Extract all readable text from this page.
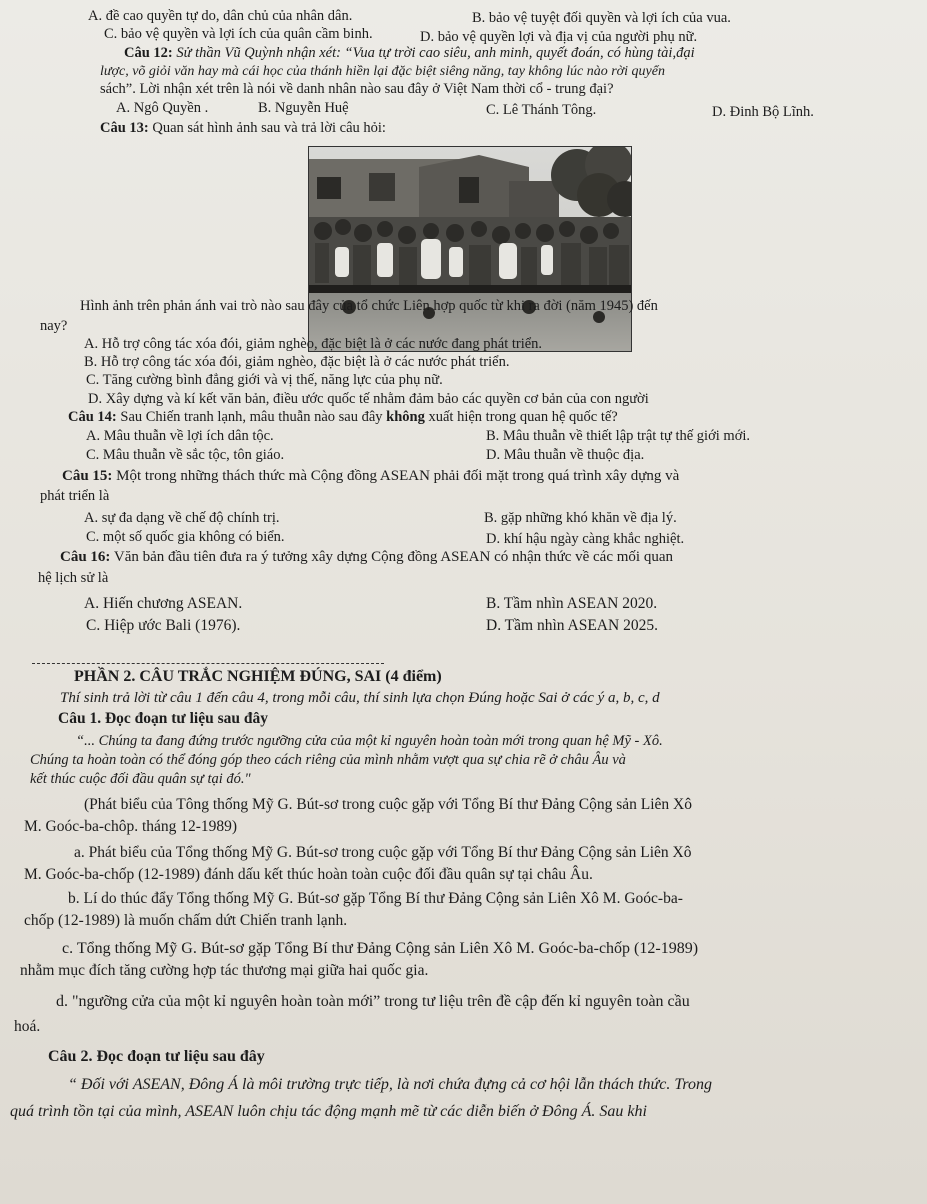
A. đề cao quyền tự do, dân chủ của nhân dân.	B. bảo vệ tuyệt đối quyền và lợi ích của vua.
C. bảo vệ quyền và lợi ích của quân cầm binh.	D. bảo vệ quyền lợi và địa vị của người phụ nữ.
Câu 12: Sử thần Vũ Quỳnh nhận xét: “Vua tự trời cao siêu, anh minh, quyết đoán, có hùng tài,đại
lược, võ giỏi văn hay mà cái học của thánh hiền lại đặc biệt siêng năng, tay không lúc nào rời quyển
sách”. Lời nhận xét trên là nói về danh nhân nào sau đây ở Việt Nam thời cổ - trung đại?
A. Ngô Quyền .	B. Nguyễn Huệ	C. Lê Thánh Tông.	D. Đinh Bộ Lĩnh.
Câu 13: Quan sát hình ảnh sau và trả lời câu hỏi:
Hình ảnh trên phản ánh vai trò nào sau đây của tổ chức Liên hợp quốc từ khi ra đời (năm 1945) đến
nay?
A. Hỗ trợ công tác xóa đói, giảm nghèo, đặc biệt là ở các nước đang phát triển.
B. Hỗ trợ công tác xóa đói, giảm nghèo, đặc biệt là ở các nước phát triển.
C. Tăng cường bình đẳng giới và vị thế, năng lực của phụ nữ.
D. Xây dựng và kí kết văn bản, điều ước quốc tế nhằm đảm bảo các quyền cơ bản của con người
Câu 14: Sau Chiến tranh lạnh, mâu thuẫn nào sau đây không xuất hiện trong quan hệ quốc tế?
A. Mâu thuẫn về lợi ích dân tộc.	B. Mâu thuẫn về thiết lập trật tự thế giới mới.
C. Mâu thuẫn về sắc tộc, tôn giáo.	D. Mâu thuẫn về thuộc địa.
Câu 15: Một trong những thách thức mà Cộng đồng ASEAN phải đối mặt trong quá trình xây dựng và
phát triển là
A. sự đa dạng về chế độ chính trị.	B. gặp những khó khăn về địa lý.
C. một số quốc gia không có biển.	D. khí hậu ngày càng khắc nghiệt.
Câu 16: Văn bản đầu tiên đưa ra ý tưởng xây dựng Cộng đồng ASEAN có nhận thức về các mối quan
hệ lịch sử là
A. Hiến chương ASEAN.	B. Tầm nhìn ASEAN 2020.
C. Hiệp ước Bali (1976).	D. Tầm nhìn ASEAN 2025.
PHẦN 2. CÂU TRẮC NGHIỆM ĐÚNG, SAI (4 điểm)
Thí sinh trả lời từ câu 1 đến câu 4, trong mỗi câu, thí sinh lựa chọn Đúng hoặc Sai ở các ý a, b, c, d
Câu 1. Đọc đoạn tư liệu sau đây
“... Chúng ta đang đứng trước ngưỡng cửa của một kỉ nguyên hoàn toàn mới trong quan hệ Mỹ - Xô.
Chúng ta hoàn toàn có thể đóng góp theo cách riêng của mình nhằm vượt qua sự chia rẽ ở châu Âu và
kết thúc cuộc đối đầu quân sự tại đó."
(Phát biểu của Tông thống Mỹ G. Bút-sơ trong cuộc gặp với Tổng Bí thư Đảng Cộng sản Liên Xô
M. Goóc-ba-chôp. tháng 12-1989)
a. Phát biểu của Tổng thống Mỹ G. Bút-sơ trong cuộc gặp với Tổng Bí thư Đảng Cộng sản Liên Xô
M. Goóc-ba-chốp (12-1989) đánh dấu kết thúc hoàn toàn cuộc đối đầu quân sự tại châu Âu.
b. Lí do thúc đẩy Tổng thống Mỹ G. Bút-sơ gặp Tổng Bí thư Đảng Cộng sản Liên Xô M. Goóc-ba-
chốp (12-1989) là muốn chấm dứt Chiến tranh lạnh.
c. Tổng thống Mỹ G. Bút-sơ gặp Tổng Bí thư Đảng Cộng sản Liên Xô M. Goóc-ba-chốp (12-1989)
nhằm mục đích tăng cường hợp tác thương mại giữa hai quốc gia.
d. "ngưỡng cửa của một kỉ nguyên hoàn toàn mới” trong tư liệu trên đề cập đến kỉ nguyên toàn cầu
hoá.
Câu 2. Đọc đoạn tư liệu sau đây
“ Đối với ASEAN, Đông Á là môi trường trực tiếp, là nơi chứa đựng cả cơ hội lẫn thách thức. Trong
quá trình tồn tại của mình, ASEAN luôn chịu tác động mạnh mẽ từ các diễn biến ở Đông Á. Sau khi
